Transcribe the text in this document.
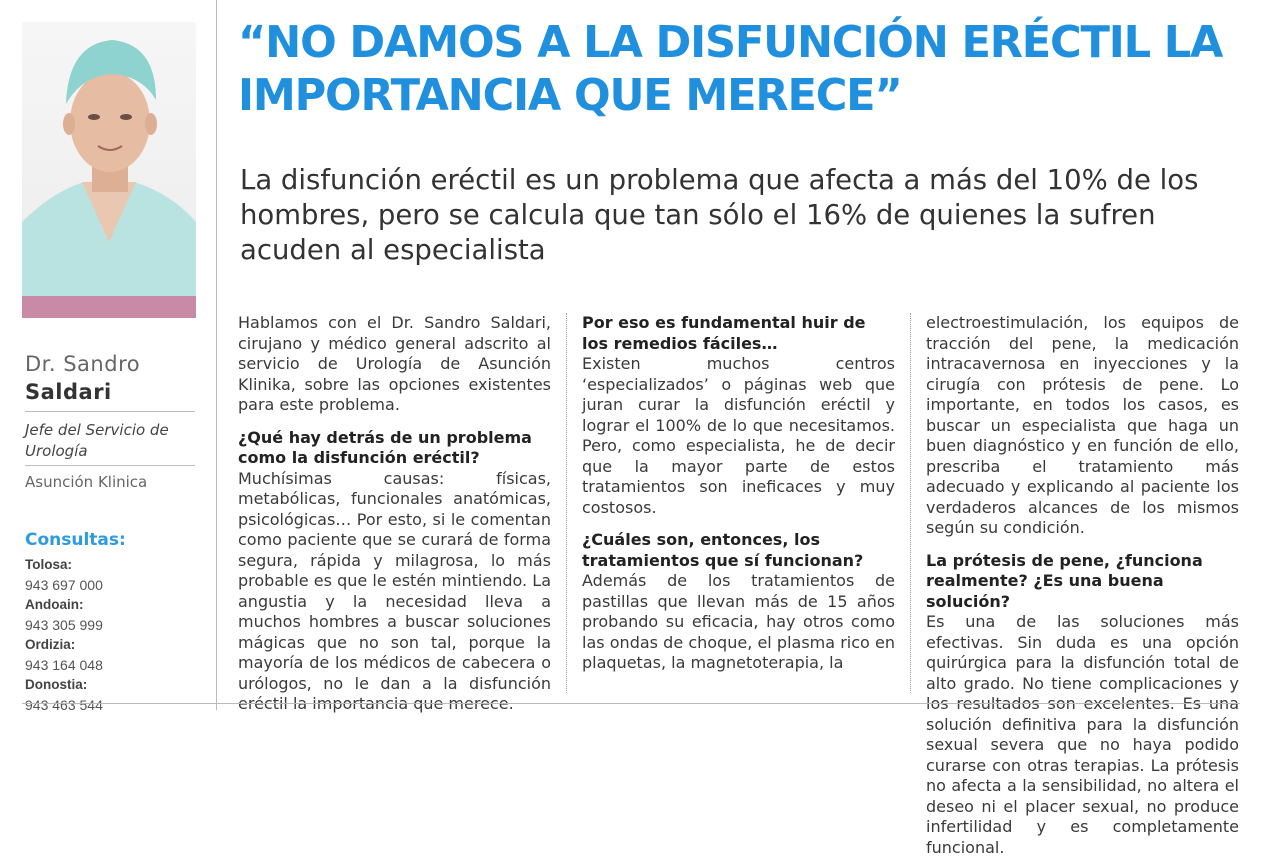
Dr. Sandro
Saldari
Jefe del Servicio de Urología
Asunción Klinica
Consultas:
Tolosa:
943 697 000
Andoain:
943 305 999
Ordizia:
943 164 048
Donostia:
943 463 544
“NO DAMOS A LA DISFUNCIÓN ERÉCTIL LA IMPORTANCIA QUE MERECE”
La disfunción eréctil es un problema que afecta a más del 10% de los hombres, pero se calcula que tan sólo el 16% de quienes la sufren acuden al especialista

Hablamos con el Dr. Sandro Saldari, cirujano y médico general adscrito al servicio de Urología de Asunción Klinika, sobre las opciones existentes para este problema.

¿Qué hay detrás de un problema como la disfunción eréctil?

Muchísimas causas: físicas, metabólicas, funcionales anatómicas, psicológicas… Por esto, si le comentan como paciente que se curará de forma segura, rápida y milagrosa, lo más probable es que le estén mintiendo. La angustia y la necesidad lleva a muchos hombres a buscar soluciones mágicas que no son tal, porque la mayoría de los médicos de cabecera o urólogos, no le dan a la disfunción eréctil la importancia que merece.

Por eso es fundamental huir de los remedios fáciles…

Existen muchos centros ‘especializados’ o páginas web que juran curar la disfunción eréctil y lograr el 100% de lo que necesitamos. Pero, como especialista, he de decir que la mayor parte de estos tratamientos son ineficaces y muy costosos.

¿Cuáles son, entonces, los tratamientos que sí funcionan?

Además de los tratamientos de pastillas que llevan más de 15 años probando su eficacia, hay otros como las ondas de choque, el plasma rico en plaquetas, la magnetoterapia, la

electroestimulación, los equipos de tracción del pene, la medicación intracavernosa en inyecciones y la cirugía con prótesis de pene. Lo importante, en todos los casos, es buscar un especialista que haga un buen diagnóstico y en función de ello, prescriba el tratamiento más adecuado y explicando al paciente los verdaderos alcances de los mismos según su condición.

La prótesis de pene, ¿funciona realmente? ¿Es una buena solución?

Es una de las soluciones más efectivas. Sin duda es una opción quirúrgica para la disfunción total de alto grado. No tiene complicaciones y los resultados son excelentes. Es una solución definitiva para la disfunción sexual severa que no haya podido curarse con otras terapias. La prótesis no afecta a la sensibilidad, no altera el deseo ni el placer sexual, no produce infertilidad y es completamente funcional.
